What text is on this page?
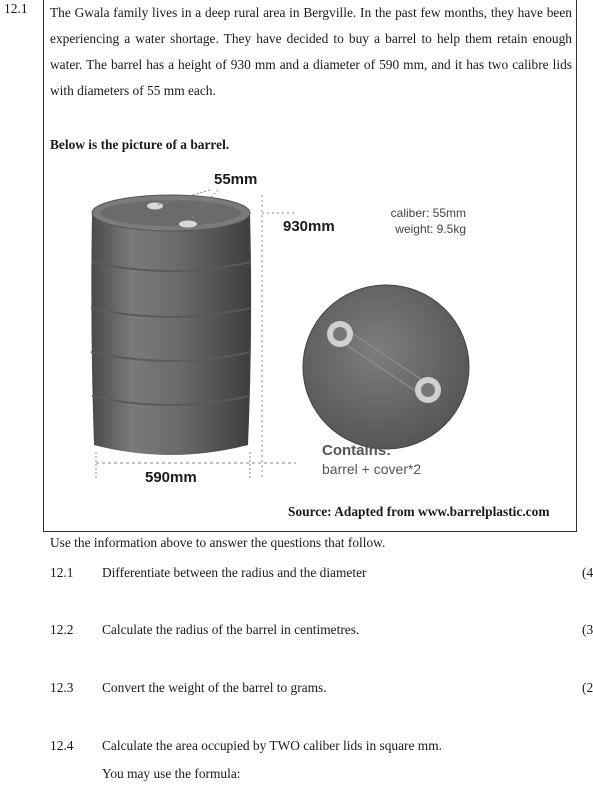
12.1 The Gwala family lives in a deep rural area in Bergville. In the past few months, they have been experiencing a water shortage. They have decided to buy a barrel to help them retain enough water. The barrel has a height of 930 mm and a diameter of 590 mm, and it has two calibre lids with diameters of 55 mm each.
Below is the picture of a barrel.
55mm
930mm
590mm
caliber: 55mm
weight: 9.5kg
Contains:
barrel + cover*2
Source: Adapted from www.barrelplastic.com
Use the information above to answer the questions that follow.
12.1 Differentiate between the radius and the diameter	(4
12.2 Calculate the radius of the barrel in centimetres.	(3
12.3 Convert the weight of the barrel to grams.	(2
12.4 Calculate the area occupied by TWO caliber lids in square mm.
You may use the formula:
